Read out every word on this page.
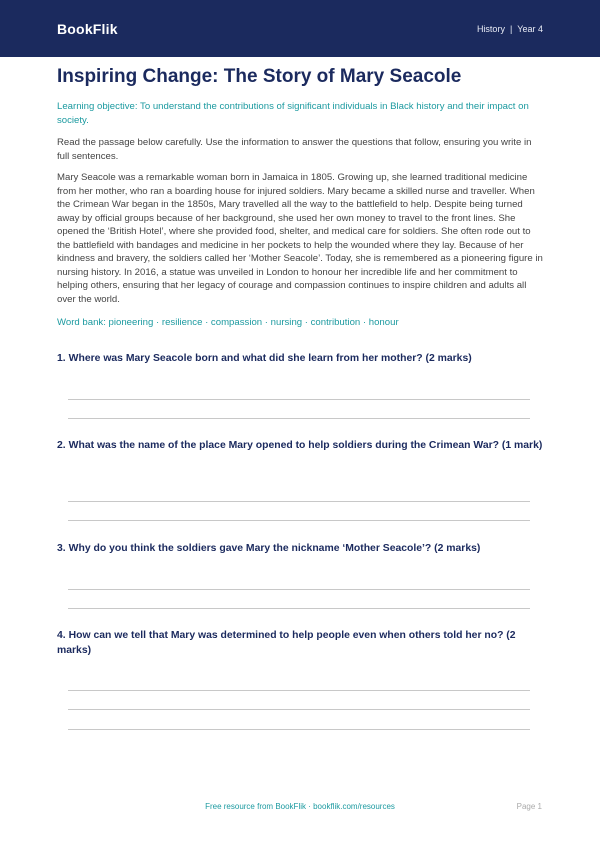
BookFlik	History | Year 4
Inspiring Change: The Story of Mary Seacole
Learning objective: To understand the contributions of significant individuals in Black history and their impact on society.
Read the passage below carefully. Use the information to answer the questions that follow, ensuring you write in full sentences.
Mary Seacole was a remarkable woman born in Jamaica in 1805. Growing up, she learned traditional medicine from her mother, who ran a boarding house for injured soldiers. Mary became a skilled nurse and traveller. When the Crimean War began in the 1850s, Mary travelled all the way to the battlefield to help. Despite being turned away by official groups because of her background, she used her own money to travel to the front lines. She opened the ‘British Hotel’, where she provided food, shelter, and medical care for soldiers. She often rode out to the battlefield with bandages and medicine in her pockets to help the wounded where they lay. Because of her kindness and bravery, the soldiers called her ‘Mother Seacole’. Today, she is remembered as a pioneering figure in nursing history. In 2016, a statue was unveiled in London to honour her incredible life and her commitment to helping others, ensuring that her legacy of courage and compassion continues to inspire children and adults all over the world.
Word bank: pioneering · resilience · compassion · nursing · contribution · honour
1. Where was Mary Seacole born and what did she learn from her mother? (2 marks)
2. What was the name of the place Mary opened to help soldiers during the Crimean War? (1 mark)
3. Why do you think the soldiers gave Mary the nickname ‘Mother Seacole’? (2 marks)
4. How can we tell that Mary was determined to help people even when others told her no? (2 marks)
Free resource from BookFlik · bookflik.com/resources	Page 1
